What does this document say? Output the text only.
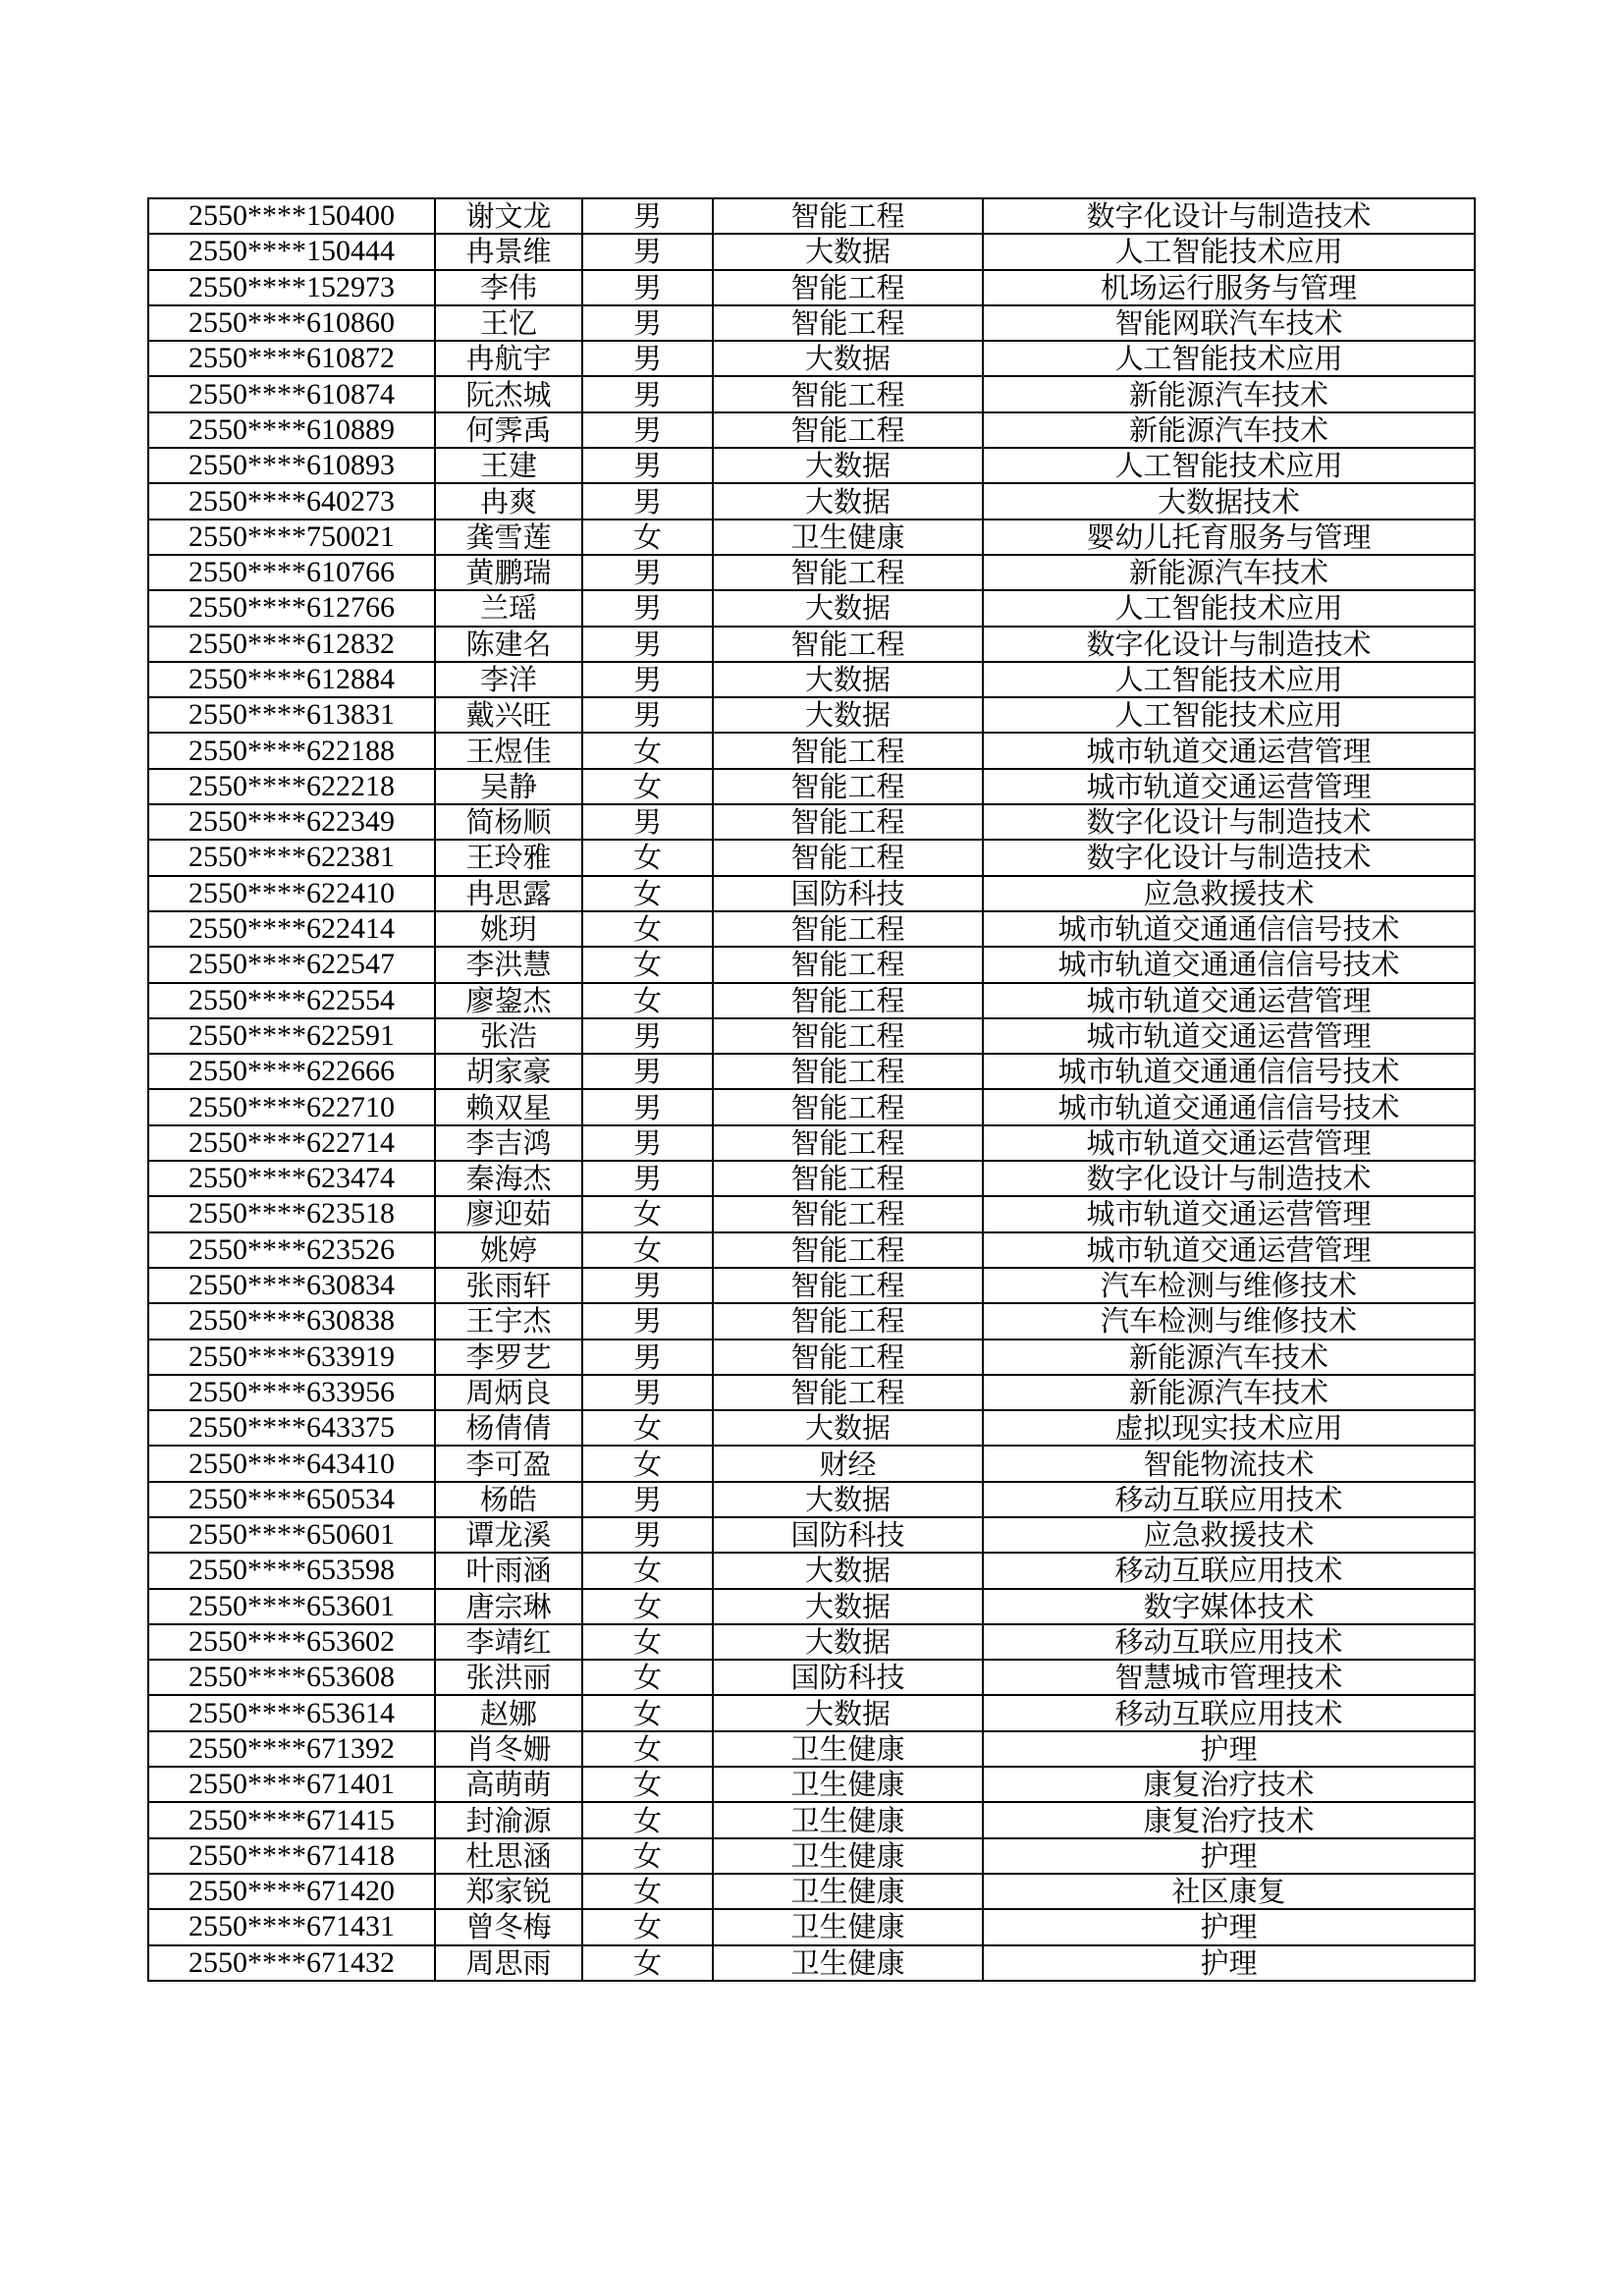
2550****150400	谢文龙	男	智能工程	数字化设计与制造技术
2550****150444	冉景维	男	大数据	人工智能技术应用
2550****152973	李伟	男	智能工程	机场运行服务与管理
2550****610860	王忆	男	智能工程	智能网联汽车技术
2550****610872	冉航宇	男	大数据	人工智能技术应用
2550****610874	阮杰城	男	智能工程	新能源汽车技术
2550****610889	何霁禹	男	智能工程	新能源汽车技术
2550****610893	王建	男	大数据	人工智能技术应用
2550****640273	冉爽	男	大数据	大数据技术
2550****750021	龚雪莲	女	卫生健康	婴幼儿托育服务与管理
2550****610766	黄鹏瑞	男	智能工程	新能源汽车技术
2550****612766	兰瑶	男	大数据	人工智能技术应用
2550****612832	陈建名	男	智能工程	数字化设计与制造技术
2550****612884	李洋	男	大数据	人工智能技术应用
2550****613831	戴兴旺	男	大数据	人工智能技术应用
2550****622188	王煜佳	女	智能工程	城市轨道交通运营管理
2550****622218	吴静	女	智能工程	城市轨道交通运营管理
2550****622349	简杨顺	男	智能工程	数字化设计与制造技术
2550****622381	王玲雅	女	智能工程	数字化设计与制造技术
2550****622410	冉思露	女	国防科技	应急救援技术
2550****622414	姚玥	女	智能工程	城市轨道交通通信信号技术
2550****622547	李洪慧	女	智能工程	城市轨道交通通信信号技术
2550****622554	廖鋆杰	女	智能工程	城市轨道交通运营管理
2550****622591	张浩	男	智能工程	城市轨道交通运营管理
2550****622666	胡家豪	男	智能工程	城市轨道交通通信信号技术
2550****622710	赖双星	男	智能工程	城市轨道交通通信信号技术
2550****622714	李吉鸿	男	智能工程	城市轨道交通运营管理
2550****623474	秦海杰	男	智能工程	数字化设计与制造技术
2550****623518	廖迎茹	女	智能工程	城市轨道交通运营管理
2550****623526	姚婷	女	智能工程	城市轨道交通运营管理
2550****630834	张雨轩	男	智能工程	汽车检测与维修技术
2550****630838	王宇杰	男	智能工程	汽车检测与维修技术
2550****633919	李罗艺	男	智能工程	新能源汽车技术
2550****633956	周炳良	男	智能工程	新能源汽车技术
2550****643375	杨倩倩	女	大数据	虚拟现实技术应用
2550****643410	李可盈	女	财经	智能物流技术
2550****650534	杨皓	男	大数据	移动互联应用技术
2550****650601	谭龙溪	男	国防科技	应急救援技术
2550****653598	叶雨涵	女	大数据	移动互联应用技术
2550****653601	唐宗琳	女	大数据	数字媒体技术
2550****653602	李靖红	女	大数据	移动互联应用技术
2550****653608	张洪丽	女	国防科技	智慧城市管理技术
2550****653614	赵娜	女	大数据	移动互联应用技术
2550****671392	肖冬姗	女	卫生健康	护理
2550****671401	高萌萌	女	卫生健康	康复治疗技术
2550****671415	封渝源	女	卫生健康	康复治疗技术
2550****671418	杜思涵	女	卫生健康	护理
2550****671420	郑家锐	女	卫生健康	社区康复
2550****671431	曾冬梅	女	卫生健康	护理
2550****671432	周思雨	女	卫生健康	护理
